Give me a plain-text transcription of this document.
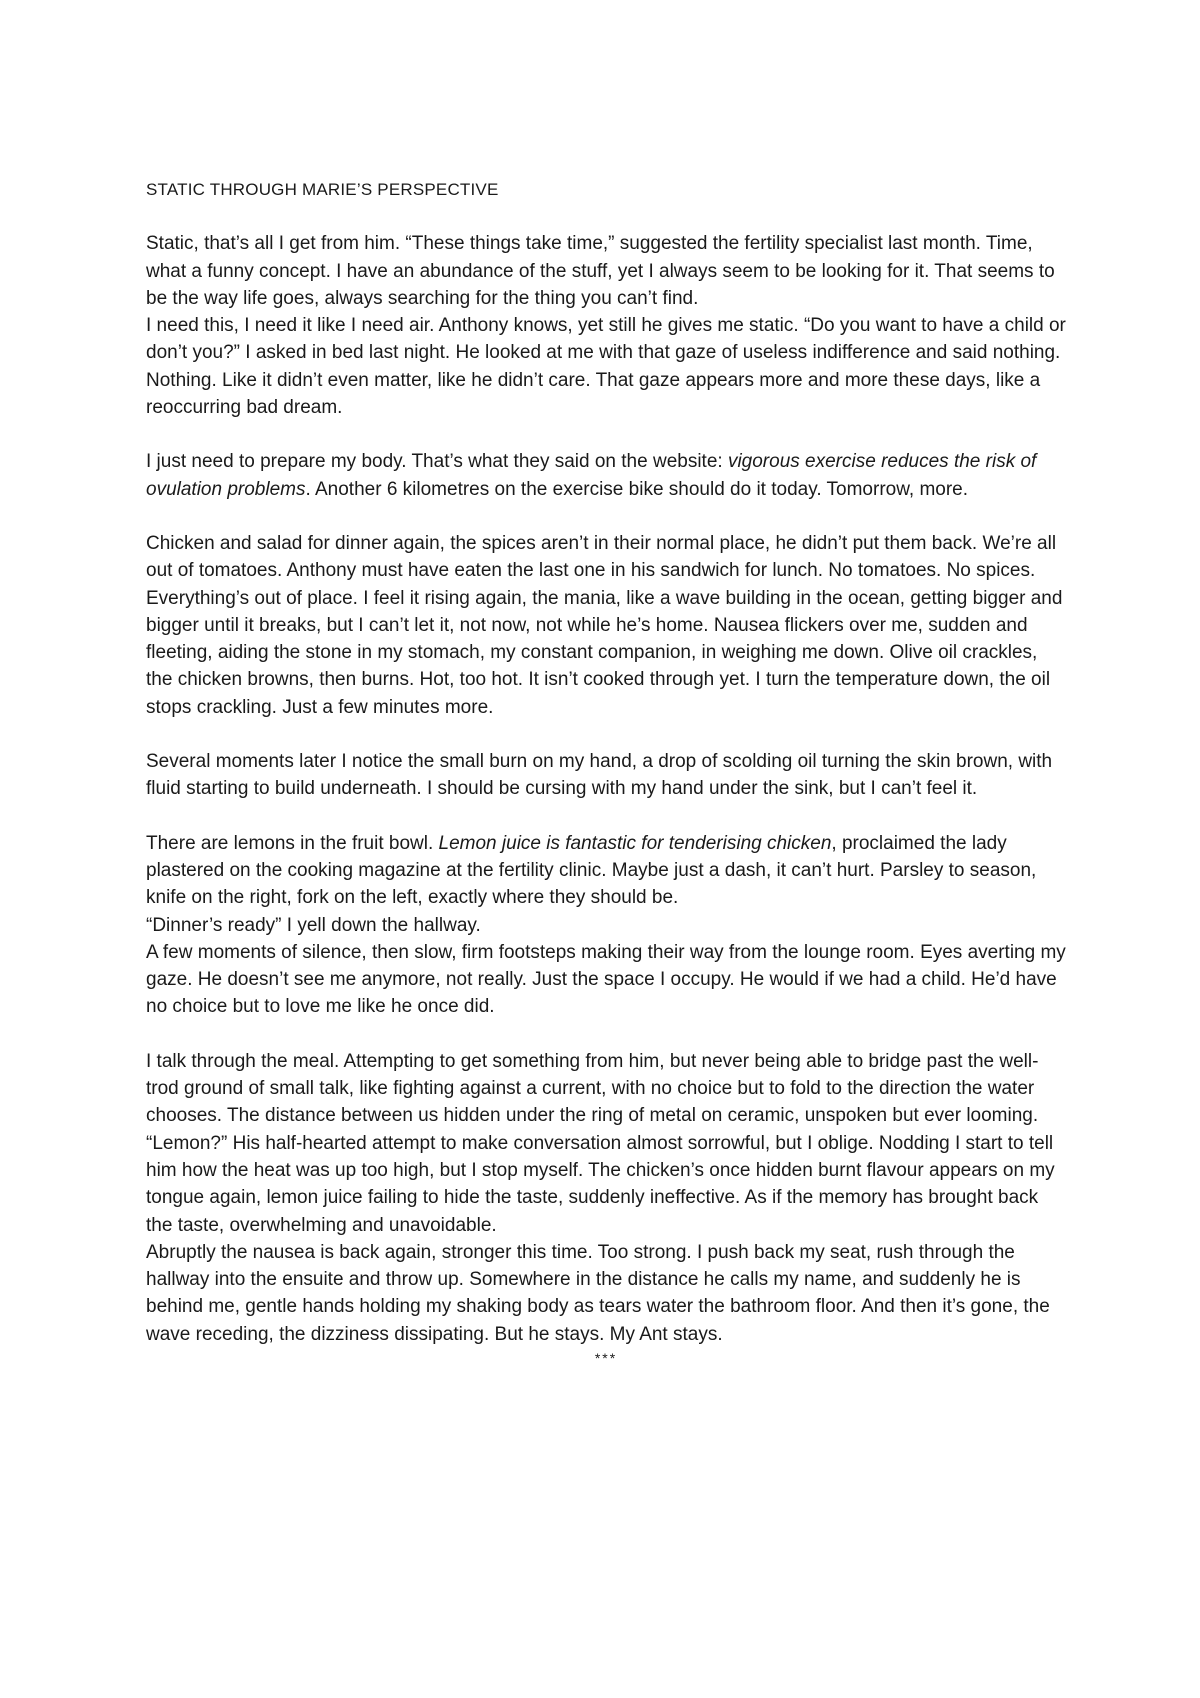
STATIC THROUGH MARIE’S PERSPECTIVE

Static, that’s all I get from him. “These things take time,” suggested the fertility specialist last month. Time, what a funny concept. I have an abundance of the stuff, yet I always seem to be looking for it. That seems to be the way life goes, always searching for the thing you can’t find.

I need this, I need it like I need air. Anthony knows, yet still he gives me static. “Do you want to have a child or don’t you?” I asked in bed last night. He looked at me with that gaze of useless indifference and said nothing. Nothing. Like it didn’t even matter, like he didn’t care. That gaze appears more and more these days, like a reoccurring bad dream.

I just need to prepare my body. That’s what they said on the website: vigorous exercise reduces the risk of ovulation problems. Another 6 kilometres on the exercise bike should do it today. Tomorrow, more.

Chicken and salad for dinner again, the spices aren’t in their normal place, he didn’t put them back. We’re all out of tomatoes. Anthony must have eaten the last one in his sandwich for lunch. No tomatoes. No spices. Everything’s out of place. I feel it rising again, the mania, like a wave building in the ocean, getting bigger and bigger until it breaks, but I can’t let it, not now, not while he’s home. Nausea flickers over me, sudden and fleeting, aiding the stone in my stomach, my constant companion, in weighing me down. Olive oil crackles, the chicken browns, then burns. Hot, too hot. It isn’t cooked through yet. I turn the temperature down, the oil stops crackling. Just a few minutes more.

Several moments later I notice the small burn on my hand, a drop of scolding oil turning the skin brown, with fluid starting to build underneath. I should be cursing with my hand under the sink, but I can’t feel it.

There are lemons in the fruit bowl. Lemon juice is fantastic for tenderising chicken, proclaimed the lady plastered on the cooking magazine at the fertility clinic. Maybe just a dash, it can’t hurt. Parsley to season, knife on the right, fork on the left, exactly where they should be.

“Dinner’s ready” I yell down the hallway.

A few moments of silence, then slow, firm footsteps making their way from the lounge room. Eyes averting my gaze. He doesn’t see me anymore, not really. Just the space I occupy. He would if we had a child. He’d have no choice but to love me like he once did.

I talk through the meal. Attempting to get something from him, but never being able to bridge past the well-trod ground of small talk, like fighting against a current, with no choice but to fold to the direction the water chooses. The distance between us hidden under the ring of metal on ceramic, unspoken but ever looming.

“Lemon?” His half-hearted attempt to make conversation almost sorrowful, but I oblige. Nodding I start to tell him how the heat was up too high, but I stop myself. The chicken’s once hidden burnt flavour appears on my tongue again, lemon juice failing to hide the taste, suddenly ineffective. As if the memory has brought back the taste, overwhelming and unavoidable.

Abruptly the nausea is back again, stronger this time. Too strong. I push back my seat, rush through the hallway into the ensuite and throw up. Somewhere in the distance he calls my name, and suddenly he is behind me, gentle hands holding my shaking body as tears water the bathroom floor. And then it’s gone, the wave receding, the dizziness dissipating. But he stays. My Ant stays.

***
